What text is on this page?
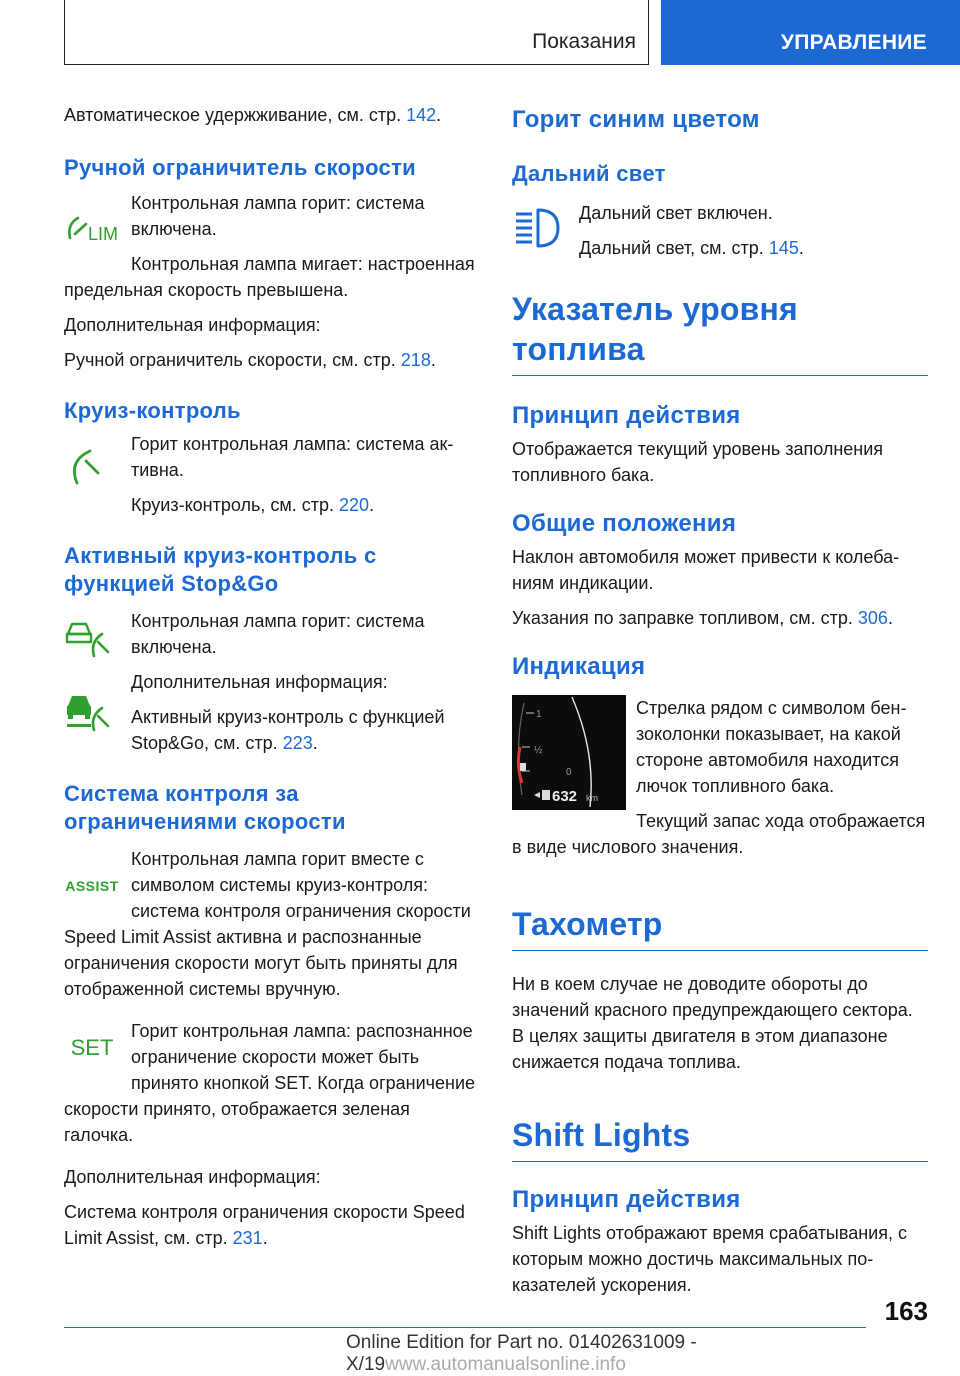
Показания	УПРАВЛЕНИЕ

Автоматическое удержживание, см. стр. 142.

Ручной ограничитель скорости
LIM

Контрольная лампа горит: система включена.

Контрольная лампа мигает: настроенная предельная скорость превышена.

Дополнительная информация:

Ручной ограничитель скорости, см. стр. 218.

Круиз-контроль

Горит контрольная лампа: система активна.

Круиз-контроль, см. стр. 220.

Активный круиз-контроль с функцией Stop&Go

Контрольная лампа горит: система включена.

Дополнительная информация:

Активный круиз-контроль с функцией Stop&Go, см. стр. 223.

Система контроля за ограничениями скорости
ASSIST

Контрольная лампа горит вместе с символом системы круиз-контроля: система контроля ограничения скорости Speed Limit Assist активна и распознанные ограничения скорости могут быть приняты для отображенной системы вручную.

SET

Горит контрольная лампа: распознанное ограничение скорости может быть принято кнопкой SET. Когда ограничение скорости принято, отображается зеленая галочка.

Дополнительная информация:

Система контроля ограничения скорости Speed Limit Assist, см. стр. 231.

Горит синим цветом
Дальний свет

Дальний свет включен.

Дальний свет, см. стр. 145.

Указатель уровня топлива
Принцип действия

Отображается текущий уровень заполнения топливного бака.

Общие положения

Наклон автомобиля может привести к колебаниям индикации.

Указания по заправке топливом, см. стр. 306.

Индикация
1
½
0
632 km

Стрелка рядом с символом бензоколонки показывает, на какой стороне автомобиля находится лючок топливного бака.

Текущий запас хода отображается в виде числового значения.

Тахометр

Ни в коем случае не доводите обороты до значений красного предупреждающего сектора. В целях защиты двигателя в этом диапазоне снижается подача топлива.

Shift Lights
Принцип действия

Shift Lights отображают время срабатывания, с которым можно достичь максимальных показателей ускорения.

163
Online Edition for Part no. 01402631009 - X/19www.automanualsonline.info
